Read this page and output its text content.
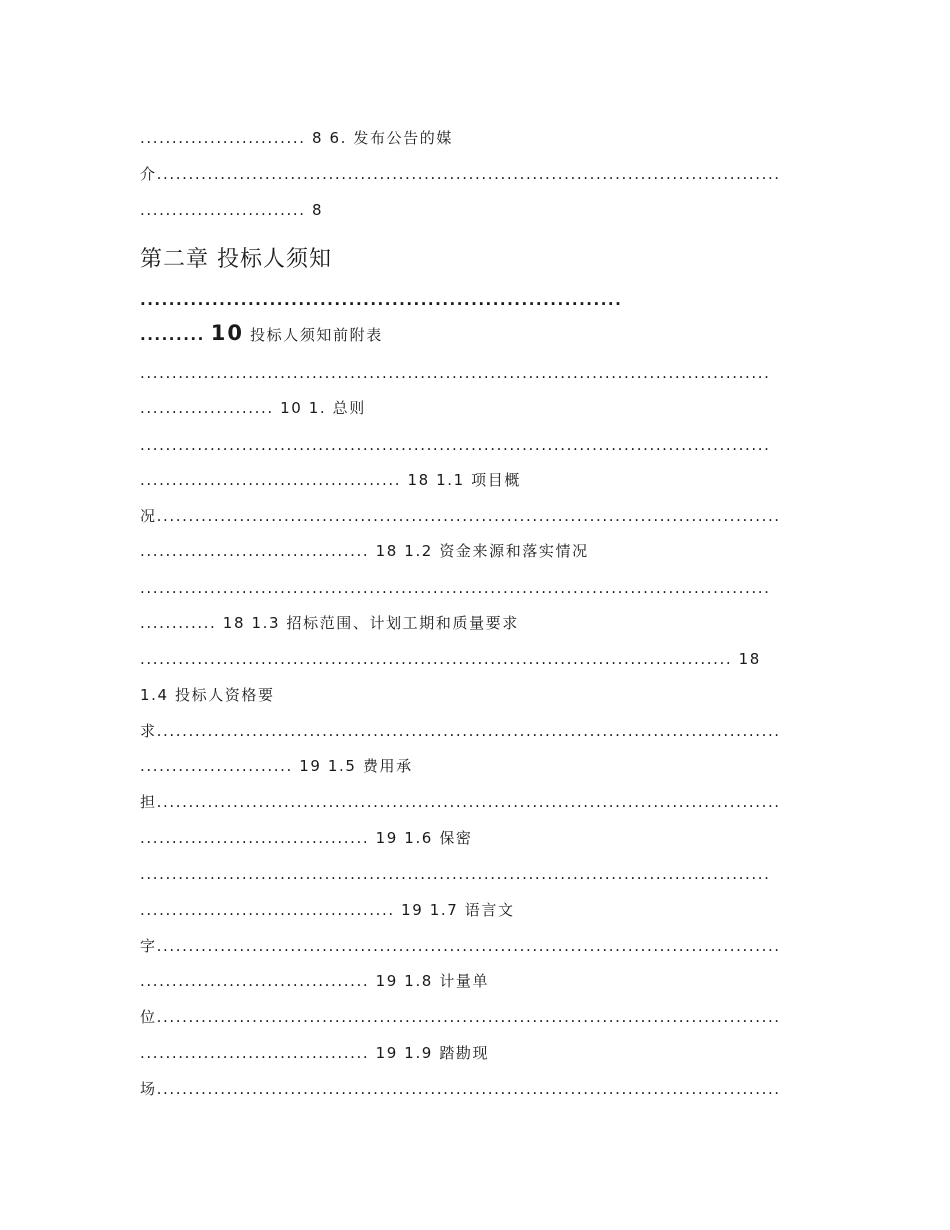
.......................... 8 6. 发布公告的媒
介..................................................................................................
.......................... 8
第二章 投标人须知
...................................................................
......... 10 投标人须知前附表
...................................................................................................
..................... 10 1. 总则
...................................................................................................
......................................... 18 1.1 项目概
况..................................................................................................
.................................... 18 1.2 资金来源和落实情况
...................................................................................................
............ 18 1.3 招标范围、计划工期和质量要求
............................................................................................. 18
1.4 投标人资格要
求..................................................................................................
........................ 19 1.5 费用承
担..................................................................................................
.................................... 19 1.6 保密
...................................................................................................
........................................ 19 1.7 语言文
字..................................................................................................
.................................... 19 1.8 计量单
位..................................................................................................
.................................... 19 1.9 踏勘现
场..................................................................................................
